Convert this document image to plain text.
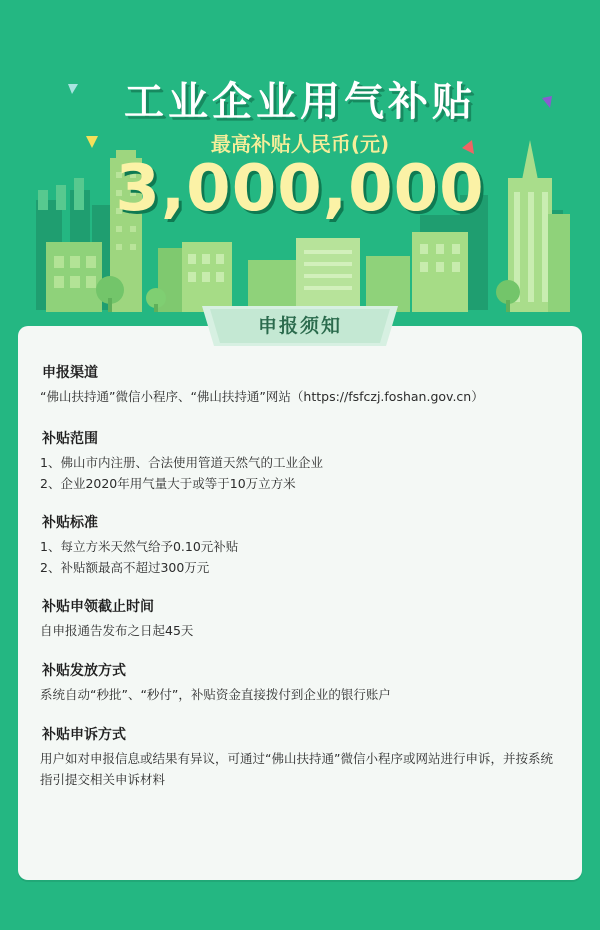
工业企业用气补贴
最高补贴人民币(元)
3,000,000
申报须知
申报渠道
“佛山扶持通”微信小程序、“佛山扶持通”网站（https://fsfczj.foshan.gov.cn）
补贴范围
1、佛山市内注册、合法使用管道天然气的工业企业
2、企业2020年用气量大于或等于10万立方米
补贴标准
1、每立方米天然气给予0.10元补贴
2、补贴额最高不超过300万元
补贴申领截止时间
自申报通告发布之日起45天
补贴发放方式
系统自动“秒批”、“秒付”，补贴资金直接拨付到企业的银行账户
补贴申诉方式
用户如对申报信息或结果有异议，可通过“佛山扶持通”微信小程序或网站进行申诉，并按系统
指引提交相关申诉材料
